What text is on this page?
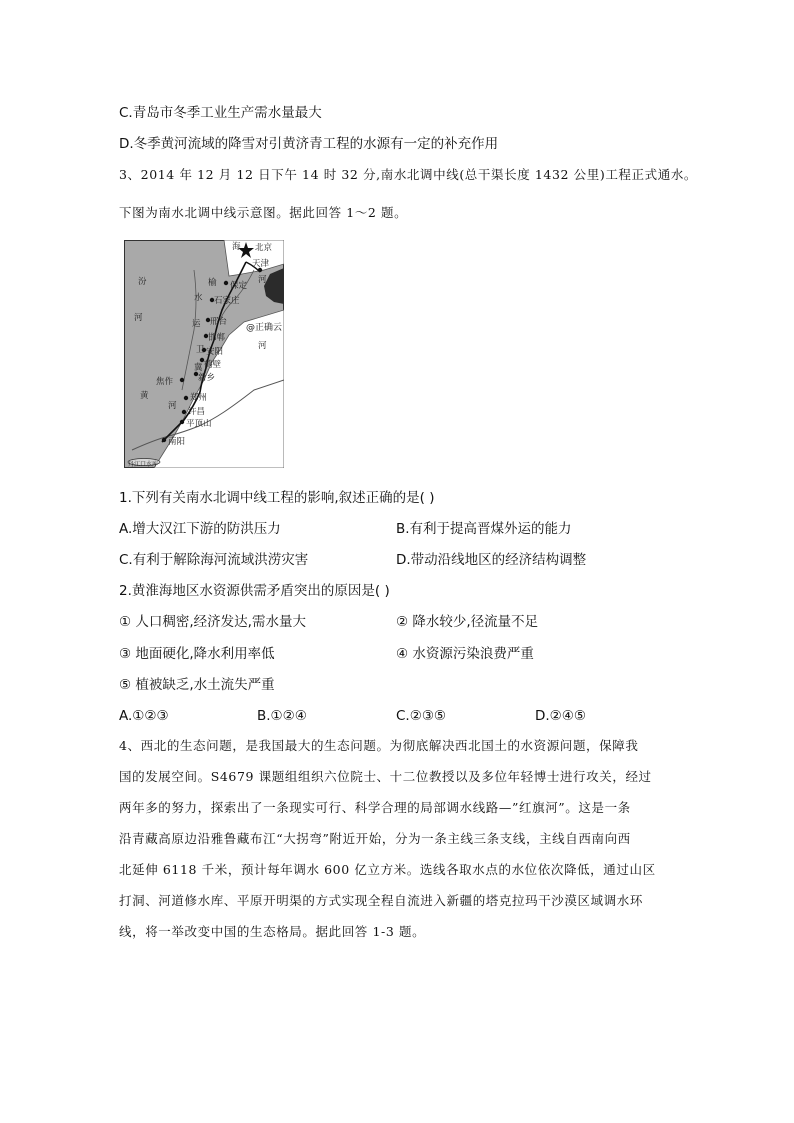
C.青岛市冬季工业生产需水量最大
D.冬季黄河流域的降雪对引黄济青工程的水源有一定的补充作用
3、2014 年 12 月 12 日下午 14 时 32 分,南水北调中线(总干渠长度 1432 公里)工程正式通水。
下图为南水北调中线示意图。据此回答 1～2 题。
海 北京
天津
河
榆 保定
汾
河
水 石家庄
邢台
邯郸
安阳
鹤壁
新乡
焦作
郑州
许昌
平顶山
南阳
黄
河
丹江口水库
运
河
卫
冀
@正确云
1.下列有关南水北调中线工程的影响,叙述正确的是( )
A.增大汉江下游的防洪压力	B.有利于提高晋煤外运的能力
C.有利于解除海河流域洪涝灾害	D.带动沿线地区的经济结构调整
2.黄淮海地区水资源供需矛盾突出的原因是( )
① 人口稠密,经济发达,需水量大	② 降水较少,径流量不足
③ 地面硬化,降水利用率低	④ 水资源污染浪费严重
⑤ 植被缺乏,水土流失严重
A.①②③	B.①②④	C.②③⑤	D.②④⑤
4、西北的生态问题，是我国最大的生态问题。为彻底解决西北国土的水资源问题，保障我
国的发展空间。S4679 课题组组织六位院士、十二位教授以及多位年轻博士进行攻关，经过
两年多的努力，探索出了一条现实可行、科学合理的局部调水线路—”红旗河”。这是一条
沿青藏高原边沿雅鲁藏布江“大拐弯”附近开始，分为一条主线三条支线，主线自西南向西
北延伸 6118 千米，预计每年调水 600 亿立方米。选线各取水点的水位依次降低，通过山区
打洞、河道修水库、平原开明渠的方式实现全程自流进入新疆的塔克拉玛干沙漠区域调水环
线，将一举改变中国的生态格局。据此回答 1-3 题。
